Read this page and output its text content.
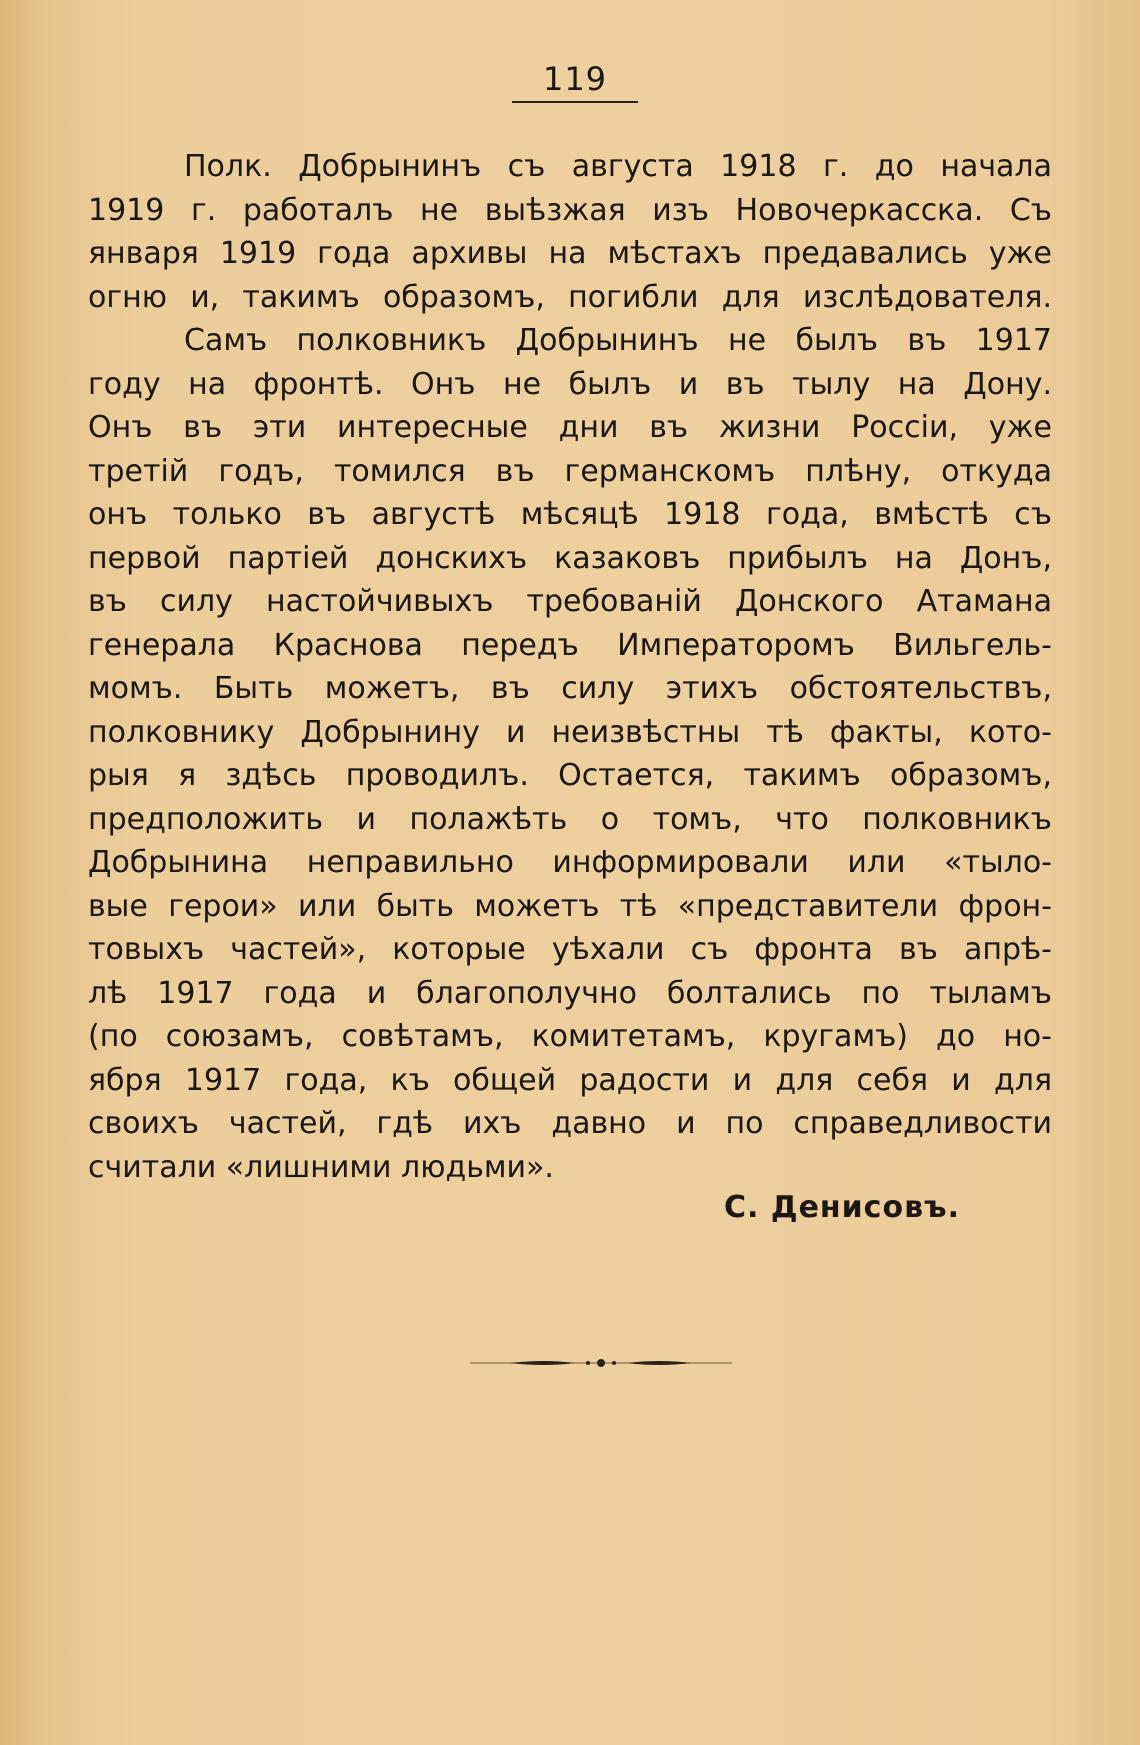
119
Полк. Добрынинъ съ августа 1918 г. до начала
1919 г. работалъ не выѣзжая изъ Новочеркасска. Съ
января 1919 года архивы на мѣстахъ предавались уже
огню и, такимъ образомъ, погибли для изслѣдователя.
Самъ полковникъ Добрынинъ не былъ въ 1917
году на фронтѣ. Онъ не былъ и въ тылу на Дону.
Онъ въ эти интересные дни въ жизни Россіи, уже
третій годъ, томился въ германскомъ плѣну, откуда
онъ только въ августѣ мѣсяцѣ 1918 года, вмѣстѣ съ
первой партіей донскихъ казаковъ прибылъ на Донъ,
въ силу настойчивыхъ требованій Донского Атамана
генерала Краснова передъ Императоромъ Вильгель-
момъ. Быть можетъ, въ силу этихъ обстоятельствъ,
полковнику Добрынину и неизвѣстны тѣ факты, кото-
рыя я здѣсь проводилъ. Остается, такимъ образомъ,
предположить и полажѣть о томъ, что полковникъ
Добрынина неправильно информировали или «тыло-
вые герои» или быть можетъ тѣ «представители фрон-
товыхъ частей», которые уѣхали съ фронта въ апрѣ-
лѣ 1917 года и благополучно болтались по тыламъ
(по союзамъ, совѣтамъ, комитетамъ, кругамъ) до но-
ября 1917 года, къ общей радости и для себя и для
своихъ частей, гдѣ ихъ давно и по справедливости
считали «лишними людьми».
С. Денисовъ.
